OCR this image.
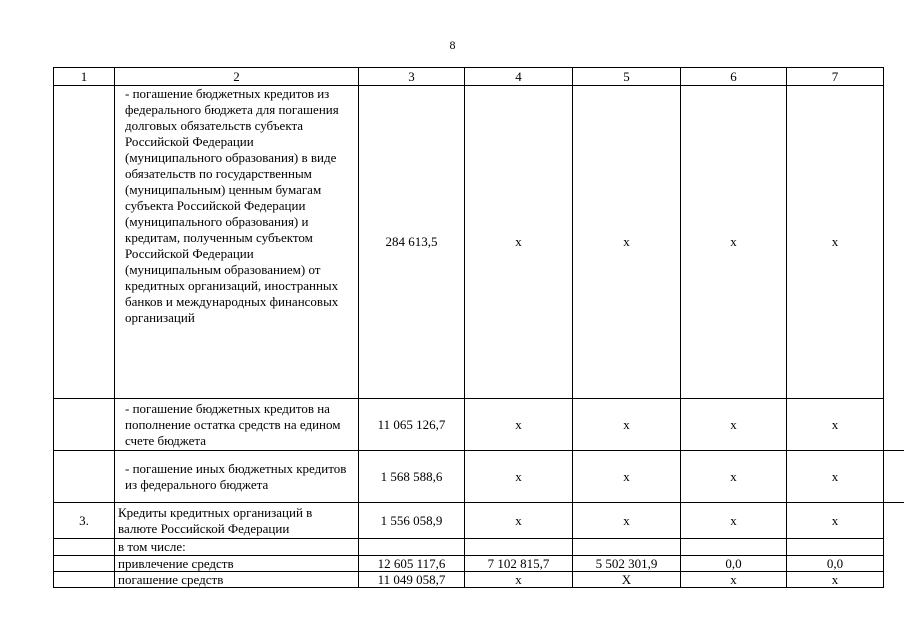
8
1	2	3	4	5	6	7
	- погашение бюджетных кредитов из федерального бюджета для погашения долговых обязательств субъекта Российской Федерации (муниципального образования) в виде обязательств по государственным (муниципальным) ценным бумагам субъекта Российской Федерации (муниципального образования) и кредитам, полученным субъектом Российской Федерации (муниципальным образованием) от кредитных организаций, иностранных банков и международных финансовых организаций	284 613,5	x	x	x	x
	- погашение бюджетных кредитов на пополнение остатка средств на едином счете бюджета	11 065 126,7	x	x	x	x
	- погашение иных бюджетных кредитов из федерального бюджета	1 568 588,6	x	x	x	x
3.	Кредиты кредитных организаций в валюте Российской Федерации	1 556 058,9	x	x	x	x
	в том числе:					
	привлечение средств	12 605 117,6	7 102 815,7	5 502 301,9	0,0	0,0
	погашение средств	11 049 058,7	x	X	x	x
